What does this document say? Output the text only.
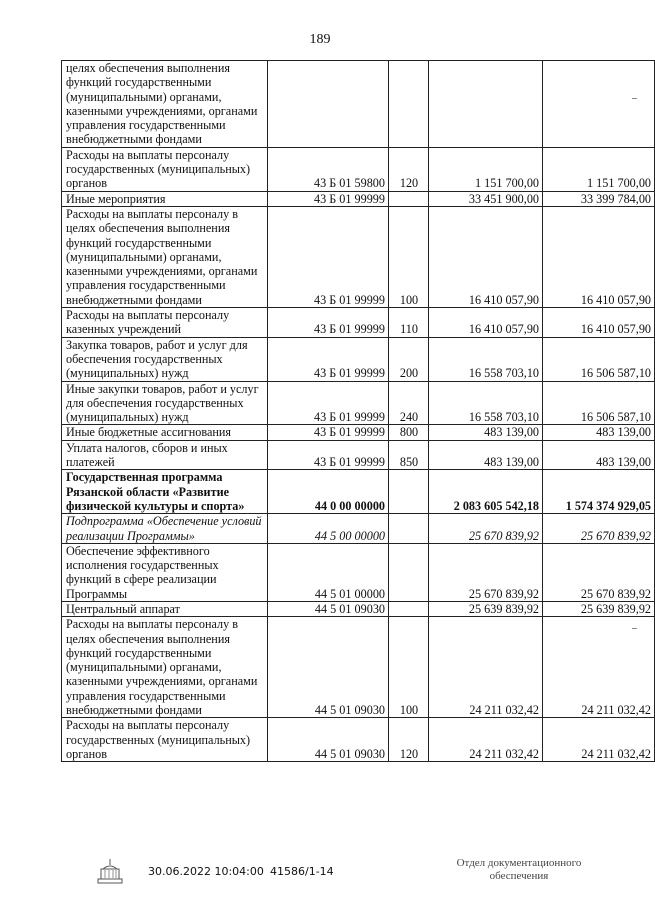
189
целях обеспечения выполнения функций государственными (муниципальными) органами, казенными учреждениями, органами управления государственными внебюджетными фондами				
Расходы на выплаты персоналу государственных (муниципальных) органов	43 Б 01 59800	120	1 151 700,00	1 151 700,00
Иные мероприятия	43 Б 01 99999		33 451 900,00	33 399 784,00
Расходы на выплаты персоналу в целях обеспечения выполнения функций государственными (муниципальными) органами, казенными учреждениями, органами управления государственными внебюджетными фондами	43 Б 01 99999	100	16 410 057,90	16 410 057,90
Расходы на выплаты персоналу казенных учреждений	43 Б 01 99999	110	16 410 057,90	16 410 057,90
Закупка товаров, работ и услуг для обеспечения государственных (муниципальных) нужд	43 Б 01 99999	200	16 558 703,10	16 506 587,10
Иные закупки товаров, работ и услуг для обеспечения государственных (муниципальных) нужд	43 Б 01 99999	240	16 558 703,10	16 506 587,10
Иные бюджетные ассигнования	43 Б 01 99999	800	483 139,00	483 139,00
Уплата налогов, сборов и иных платежей	43 Б 01 99999	850	483 139,00	483 139,00
Государственная программа Рязанской области «Развитие физической культуры и спорта»	44 0 00 00000		2 083 605 542,18	1 574 374 929,05
Подпрограмма «Обеспечение условий реализации Программы»	44 5 00 00000		25 670 839,92	25 670 839,92
Обеспечение эффективного исполнения государственных функций в сфере реализации Программы	44 5 01 00000		25 670 839,92	25 670 839,92
Центральный аппарат	44 5 01 09030		25 639 839,92	25 639 839,92
Расходы на выплаты персоналу в целях обеспечения выполнения функций государственными (муниципальными) органами, казенными учреждениями, органами управления государственными внебюджетными фондами	44 5 01 09030	100	24 211 032,42	24 211 032,42
Расходы на выплаты персоналу государственных (муниципальных) органов	44 5 01 09030	120	24 211 032,42	24 211 032,42
30.06.2022 10:04:00 41586/1-14
Отдел документационного обеспечения
